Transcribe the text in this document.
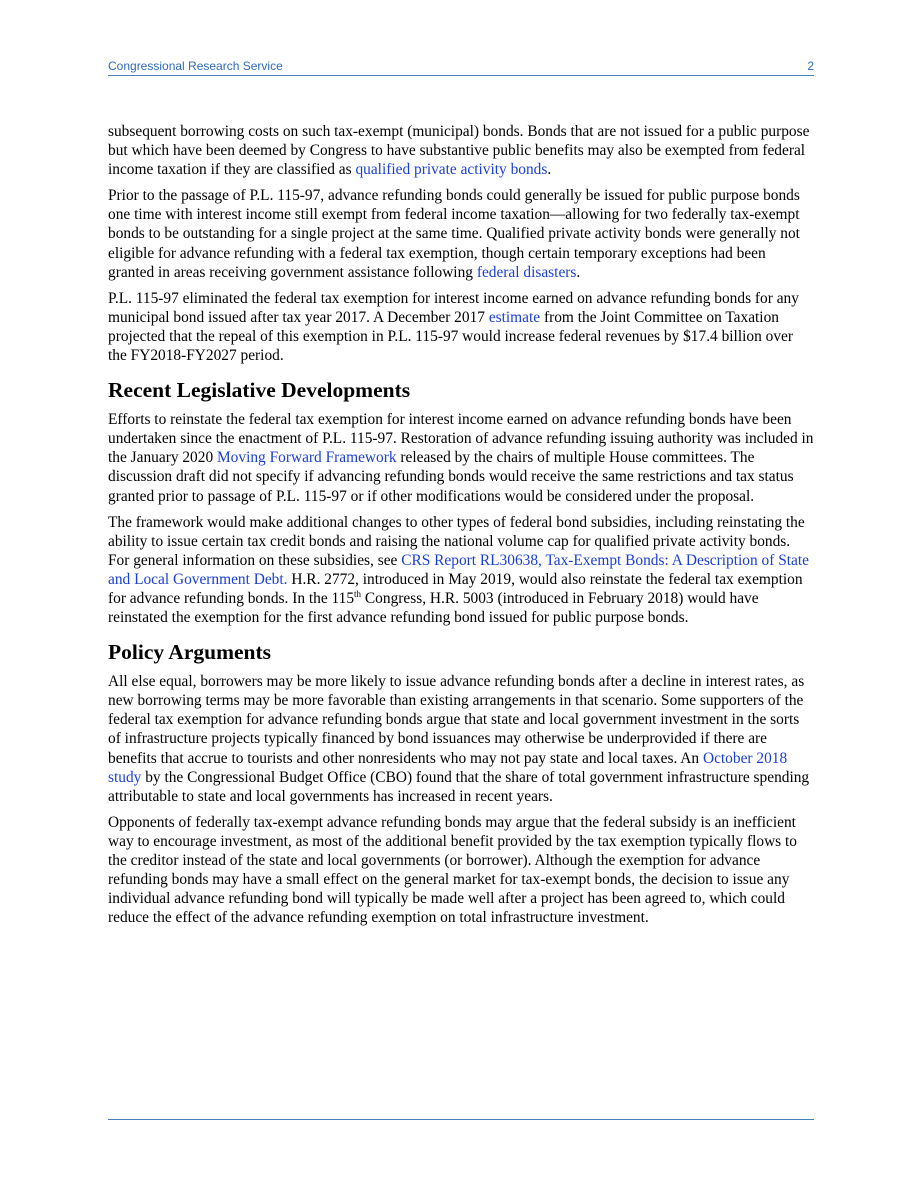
Congressional Research Service	2

subsequent borrowing costs on such tax-exempt (municipal) bonds. Bonds that are not issued for a public purpose but which have been deemed by Congress to have substantive public benefits may also be exempted from federal income taxation if they are classified as qualified private activity bonds.

Prior to the passage of P.L. 115-97, advance refunding bonds could generally be issued for public purpose bonds one time with interest income still exempt from federal income taxation—allowing for two federally tax-exempt bonds to be outstanding for a single project at the same time. Qualified private activity bonds were generally not eligible for advance refunding with a federal tax exemption, though certain temporary exceptions had been granted in areas receiving government assistance following federal disasters.

P.L. 115-97 eliminated the federal tax exemption for interest income earned on advance refunding bonds for any municipal bond issued after tax year 2017. A December 2017 estimate from the Joint Committee on Taxation projected that the repeal of this exemption in P.L. 115-97 would increase federal revenues by $17.4 billion over the FY2018-FY2027 period.

Recent Legislative Developments

Efforts to reinstate the federal tax exemption for interest income earned on advance refunding bonds have been undertaken since the enactment of P.L. 115-97. Restoration of advance refunding issuing authority was included in the January 2020 Moving Forward Framework released by the chairs of multiple House committees. The discussion draft did not specify if advancing refunding bonds would receive the same restrictions and tax status granted prior to passage of P.L. 115-97 or if other modifications would be considered under the proposal.

The framework would make additional changes to other types of federal bond subsidies, including reinstating the ability to issue certain tax credit bonds and raising the national volume cap for qualified private activity bonds. For general information on these subsidies, see CRS Report RL30638, Tax-Exempt Bonds: A Description of State and Local Government Debt. H.R. 2772, introduced in May 2019, would also reinstate the federal tax exemption for advance refunding bonds. In the 115th Congress, H.R. 5003 (introduced in February 2018) would have reinstated the exemption for the first advance refunding bond issued for public purpose bonds.

Policy Arguments

All else equal, borrowers may be more likely to issue advance refunding bonds after a decline in interest rates, as new borrowing terms may be more favorable than existing arrangements in that scenario. Some supporters of the federal tax exemption for advance refunding bonds argue that state and local government investment in the sorts of infrastructure projects typically financed by bond issuances may otherwise be underprovided if there are benefits that accrue to tourists and other nonresidents who may not pay state and local taxes. An October 2018 study by the Congressional Budget Office (CBO) found that the share of total government infrastructure spending attributable to state and local governments has increased in recent years.

Opponents of federally tax-exempt advance refunding bonds may argue that the federal subsidy is an inefficient way to encourage investment, as most of the additional benefit provided by the tax exemption typically flows to the creditor instead of the state and local governments (or borrower). Although the exemption for advance refunding bonds may have a small effect on the general market for tax-exempt bonds, the decision to issue any individual advance refunding bond will typically be made well after a project has been agreed to, which could reduce the effect of the advance refunding exemption on total infrastructure investment.
